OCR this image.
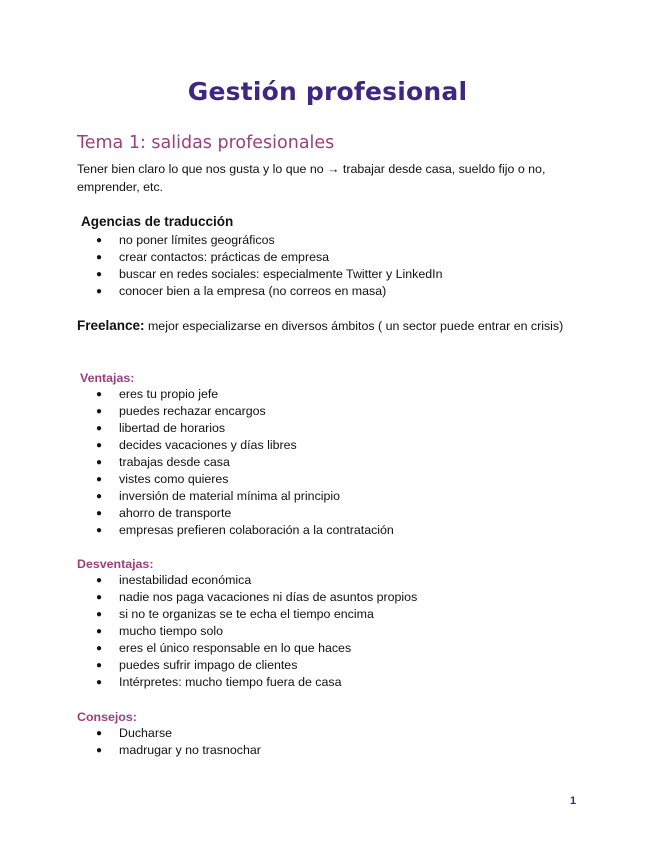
Gestión profesional
Tema 1: salidas profesionales
Tener bien claro lo que nos gusta y lo que no → trabajar desde casa, sueldo fijo o no, emprender, etc.
Agencias de traducción
● no poner límites geográficos
● crear contactos: prácticas de empresa
● buscar en redes sociales: especialmente Twitter y LinkedIn
● conocer bien a la empresa (no correos en masa)
Freelance: mejor especializarse en diversos ámbitos ( un sector puede entrar en crisis)
Ventajas:
● eres tu propio jefe
● puedes rechazar encargos
● libertad de horarios
● decides vacaciones y días libres
● trabajas desde casa
● vistes como quieres
● inversión de material mínima al principio
● ahorro de transporte
● empresas prefieren colaboración a la contratación
Desventajas:
● inestabilidad económica
● nadie nos paga vacaciones ni días de asuntos propios
● si no te organizas se te echa el tiempo encima
● mucho tiempo solo
● eres el único responsable en lo que haces
● puedes sufrir impago de clientes
● Intérpretes: mucho tiempo fuera de casa
Consejos:
● Ducharse
● madrugar y no trasnochar
1
